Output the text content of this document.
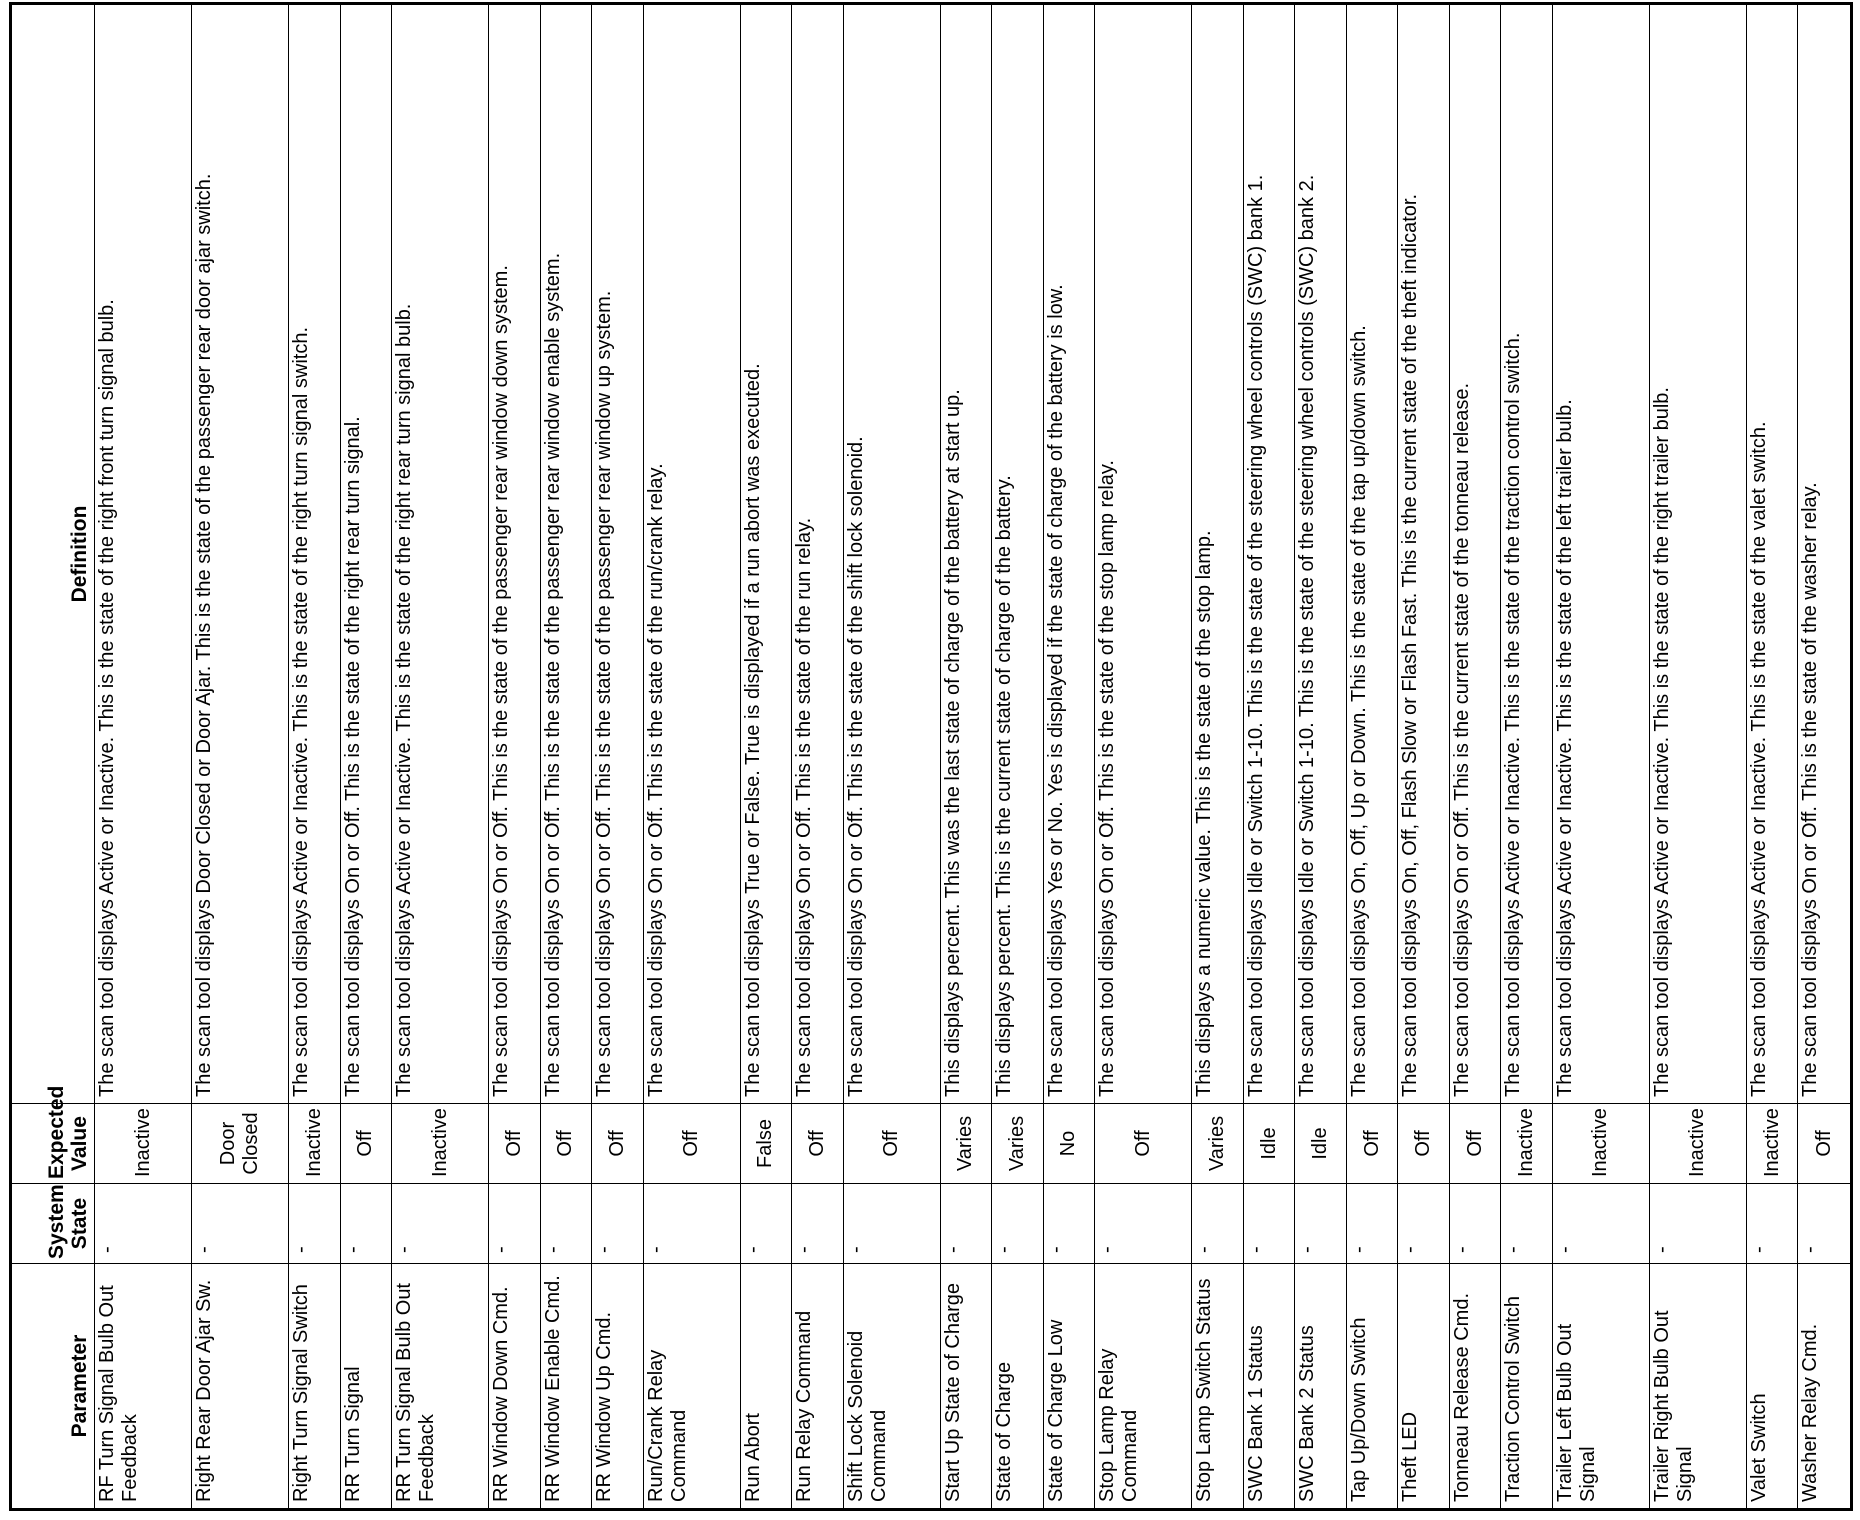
Parameter	System State	Expected Value	Definition
RF Turn Signal Bulb Out Feedback	-	Inactive	The scan tool displays Active or Inactive. This is the state of the right front turn signal bulb.
Right Rear Door Ajar Sw.	-	Door Closed	The scan tool displays Door Closed or Door Ajar. This is the state of the passenger rear door ajar switch.
Right Turn Signal Switch	-	Inactive	The scan tool displays Active or Inactive. This is the state of the right turn signal switch.
RR Turn Signal	-	Off	The scan tool displays On or Off. This is the state of the right rear turn signal.
RR Turn Signal Bulb Out Feedback	-	Inactive	The scan tool displays Active or Inactive. This is the state of the right rear turn signal bulb.
RR Window Down Cmd.	-	Off	The scan tool displays On or Off. This is the state of the passenger rear window down system.
RR Window Enable Cmd.	-	Off	The scan tool displays On or Off. This is the state of the passenger rear window enable system.
RR Window Up Cmd.	-	Off	The scan tool displays On or Off. This is the state of the passenger rear window up system.
Run/Crank Relay Command	-	Off	The scan tool displays On or Off. This is the state of the run/crank relay.
Run Abort	-	False	The scan tool displays True or False. True is displayed if a run abort was executed.
Run Relay Command	-	Off	The scan tool displays On or Off. This is the state of the run relay.
Shift Lock Solenoid Command	-	Off	The scan tool displays On or Off. This is the state of the shift lock solenoid.
Start Up State of Charge	-	Varies	This displays percent. This was the last state of charge of the battery at start up.
State of Charge	-	Varies	This displays percent. This is the current state of charge of the battery.
State of Charge Low	-	No	The scan tool displays Yes or No. Yes is displayed if the state of charge of the battery is low.
Stop Lamp Relay Command	-	Off	The scan tool displays On or Off. This is the state of the stop lamp relay.
Stop Lamp Switch Status	-	Varies	This displays a numeric value. This is the state of the stop lamp.
SWC Bank 1 Status	-	Idle	The scan tool displays Idle or Switch 1-10. This is the state of the steering wheel controls (SWC) bank 1.
SWC Bank 2 Status	-	Idle	The scan tool displays Idle or Switch 1-10. This is the state of the steering wheel controls (SWC) bank 2.
Tap Up/Down Switch	-	Off	The scan tool displays On, Off, Up or Down. This is the state of the tap up/down switch.
Theft LED	-	Off	The scan tool displays On, Off, Flash Slow or Flash Fast. This is the current state of the theft indicator.
Tonneau Release Cmd.	-	Off	The scan tool displays On or Off. This is the current state of the tonneau release.
Traction Control Switch	-	Inactive	The scan tool displays Active or Inactive. This is the state of the traction control switch.
Trailer Left Bulb Out Signal	-	Inactive	The scan tool displays Active or Inactive. This is the state of the left trailer bulb.
Trailer Right Bulb Out Signal	-	Inactive	The scan tool displays Active or Inactive. This is the state of the right trailer bulb.
Valet Switch	-	Inactive	The scan tool displays Active or Inactive. This is the state of the valet switch.
Washer Relay Cmd.	-	Off	The scan tool displays On or Off. This is the state of the washer relay.
